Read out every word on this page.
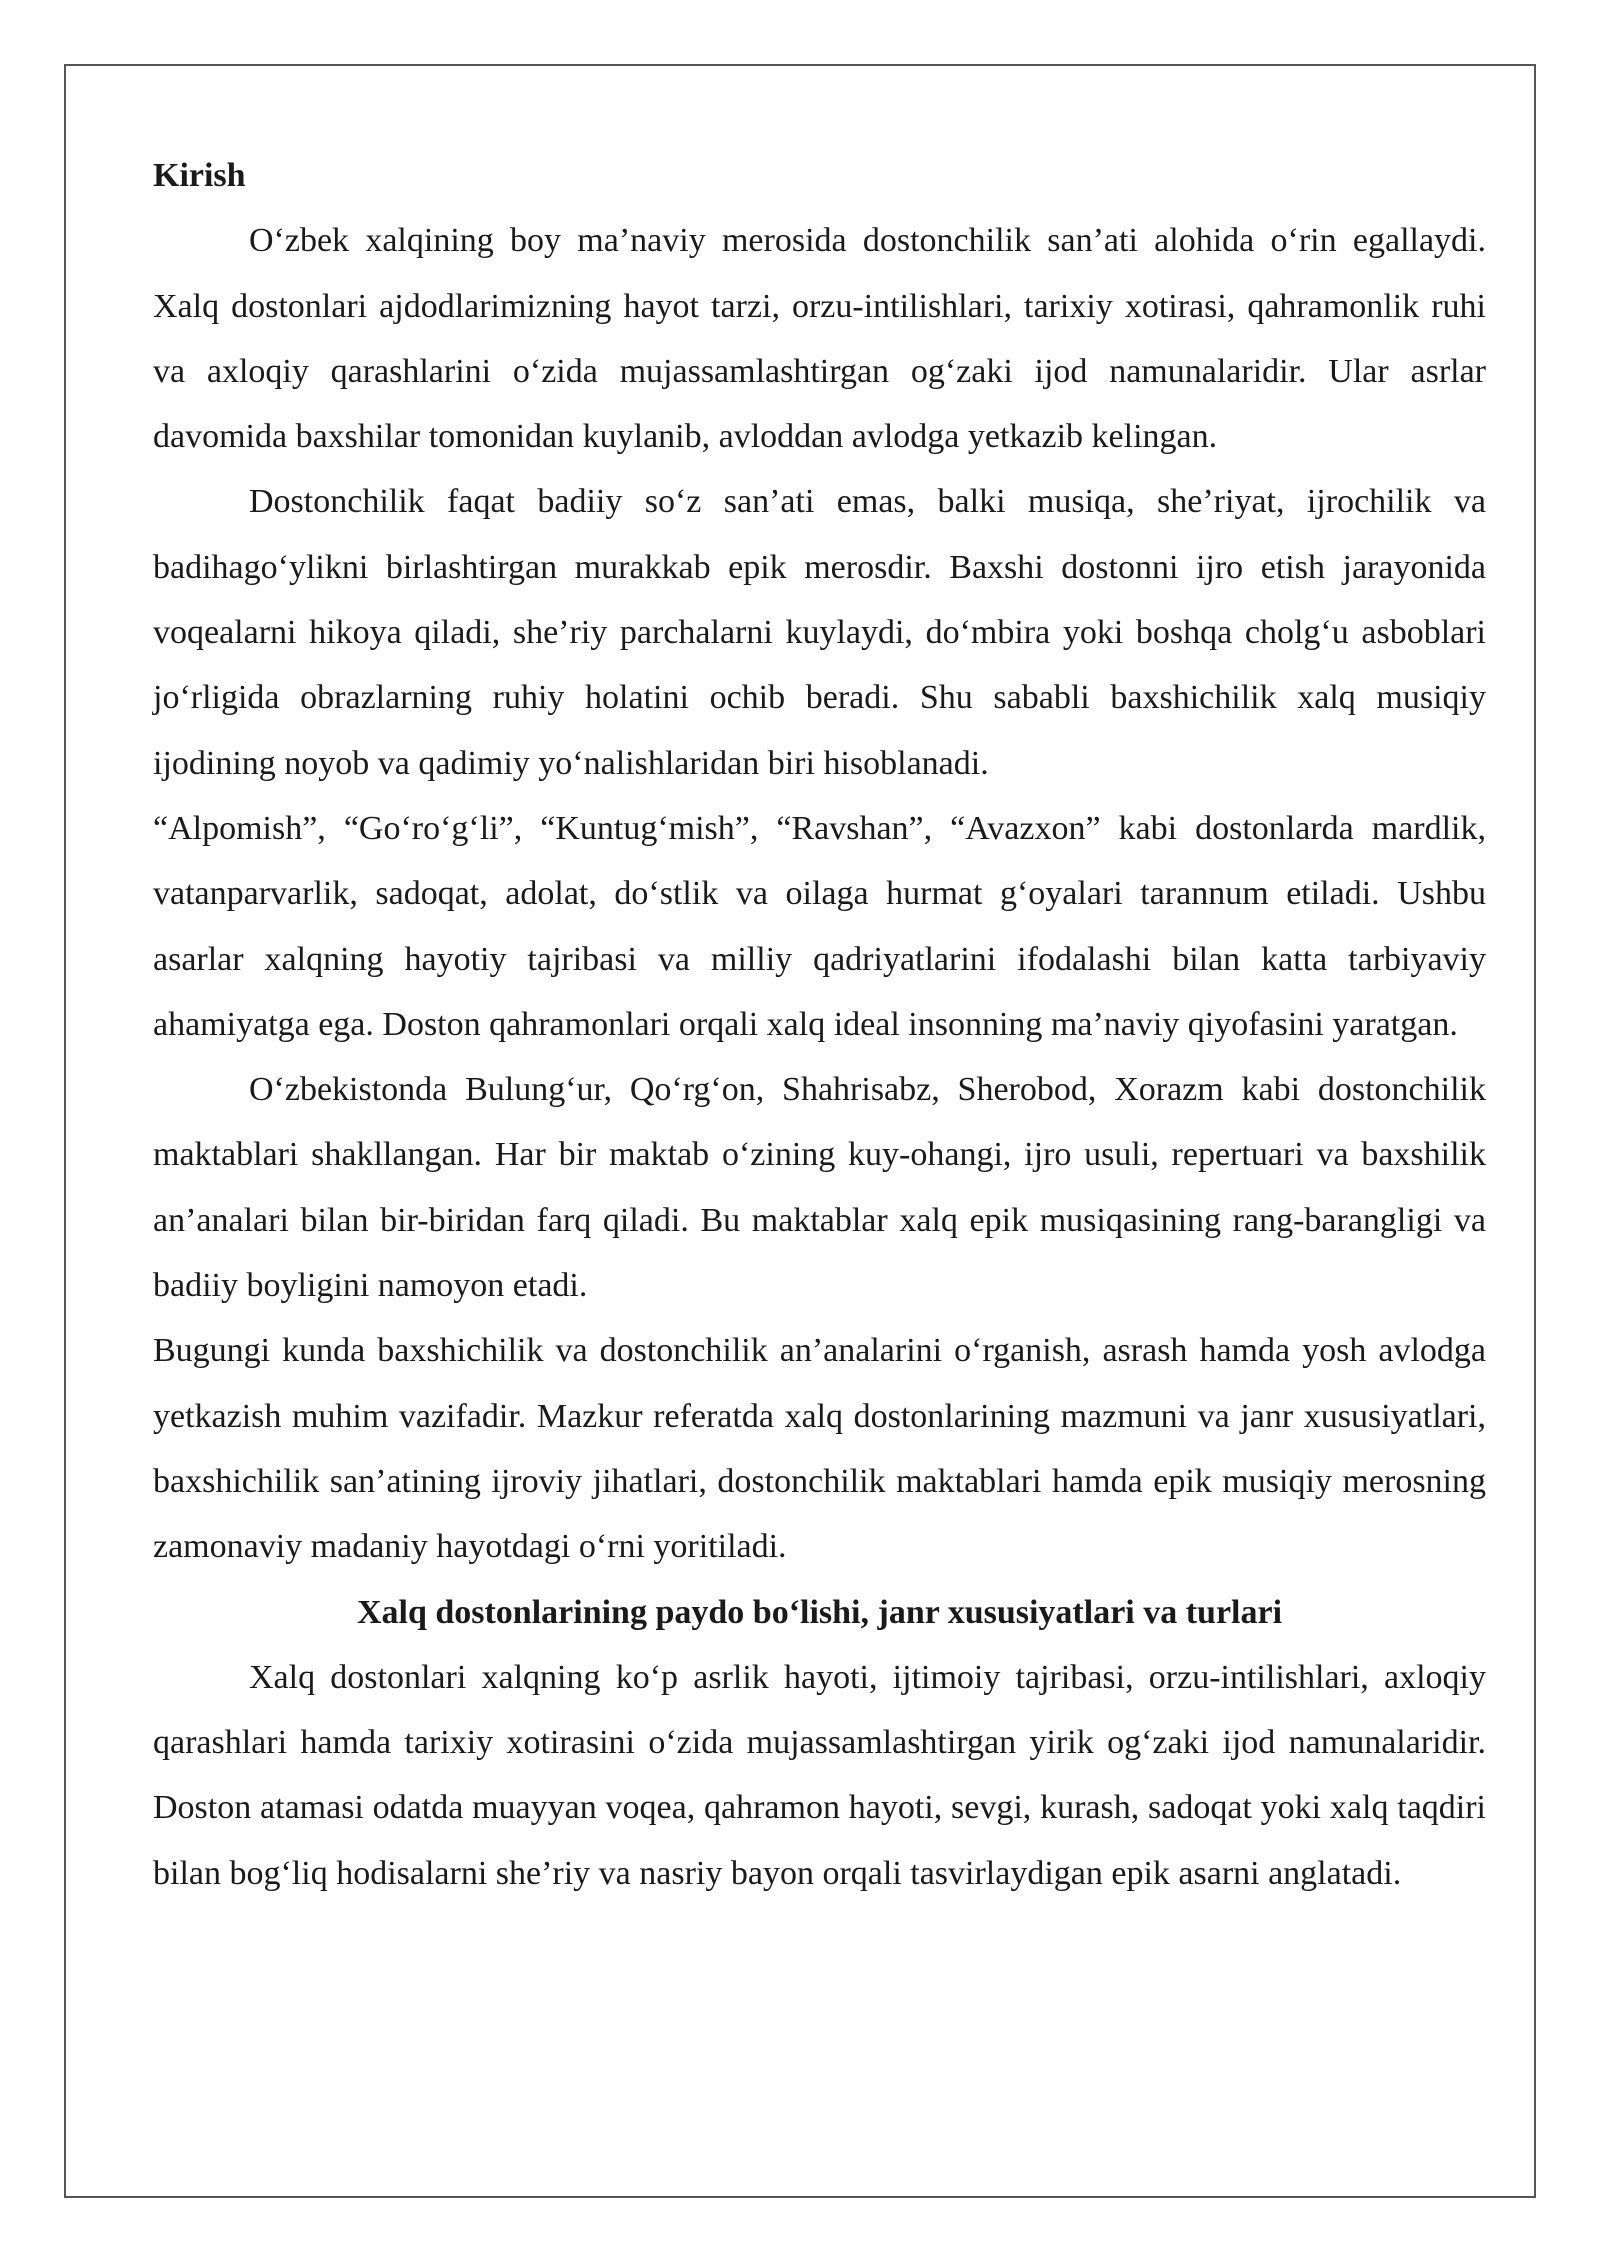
Kirish

O‘zbek xalqining boy ma’naviy merosida dostonchilik san’ati alohida o‘rin egallaydi. Xalq dostonlari ajdodlarimizning hayot tarzi, orzu-intilishlari, tarixiy xotirasi, qahramonlik ruhi va axloqiy qarashlarini o‘zida mujassamlashtirgan og‘zaki ijod namunalaridir. Ular asrlar davomida baxshilar tomonidan kuylanib, avloddan avlodga yetkazib kelingan.

Dostonchilik faqat badiiy so‘z san’ati emas, balki musiqa, she’riyat, ijrochilik va badihago‘ylikni birlashtirgan murakkab epik merosdir. Baxshi dostonni ijro etish jarayonida voqealarni hikoya qiladi, she’riy parchalarni kuylaydi, do‘mbira yoki boshqa cholg‘u asboblari jo‘rligida obrazlarning ruhiy holatini ochib beradi. Shu sababli baxshichilik xalq musiqiy ijodining noyob va qadimiy yo‘nalishlaridan biri hisoblanadi.

“Alpomish”, “Go‘ro‘g‘li”, “Kuntug‘mish”, “Ravshan”, “Avazxon” kabi dostonlarda mardlik, vatanparvarlik, sadoqat, adolat, do‘stlik va oilaga hurmat g‘oyalari tarannum etiladi. Ushbu asarlar xalqning hayotiy tajribasi va milliy qadriyatlarini ifodalashi bilan katta tarbiyaviy ahamiyatga ega. Doston qahramonlari orqali xalq ideal insonning ma’naviy qiyofasini yaratgan.

O‘zbekistonda Bulung‘ur, Qo‘rg‘on, Shahrisabz, Sherobod, Xorazm kabi dostonchilik maktablari shakllangan. Har bir maktab o‘zining kuy-ohangi, ijro usuli, repertuari va baxshilik an’analari bilan bir-biridan farq qiladi. Bu maktablar xalq epik musiqasining rang-barangligi va badiiy boyligini namoyon etadi.

Bugungi kunda baxshichilik va dostonchilik an’analarini o‘rganish, asrash hamda yosh avlodga yetkazish muhim vazifadir. Mazkur referatda xalq dostonlarining mazmuni va janr xususiyatlari, baxshichilik san’atining ijroviy jihatlari, dostonchilik maktablari hamda epik musiqiy merosning zamonaviy madaniy hayotdagi o‘rni yoritiladi.

Xalq dostonlarining paydo bo‘lishi, janr xususiyatlari va turlari

Xalq dostonlari xalqning ko‘p asrlik hayoti, ijtimoiy tajribasi, orzu-intilishlari, axloqiy qarashlari hamda tarixiy xotirasini o‘zida mujassamlashtirgan yirik og‘zaki ijod namunalaridir. Doston atamasi odatda muayyan voqea, qahramon hayoti, sevgi, kurash, sadoqat yoki xalq taqdiri bilan bog‘liq hodisalarni she’riy va nasriy bayon orqali tasvirlaydigan epik asarni anglatadi.
